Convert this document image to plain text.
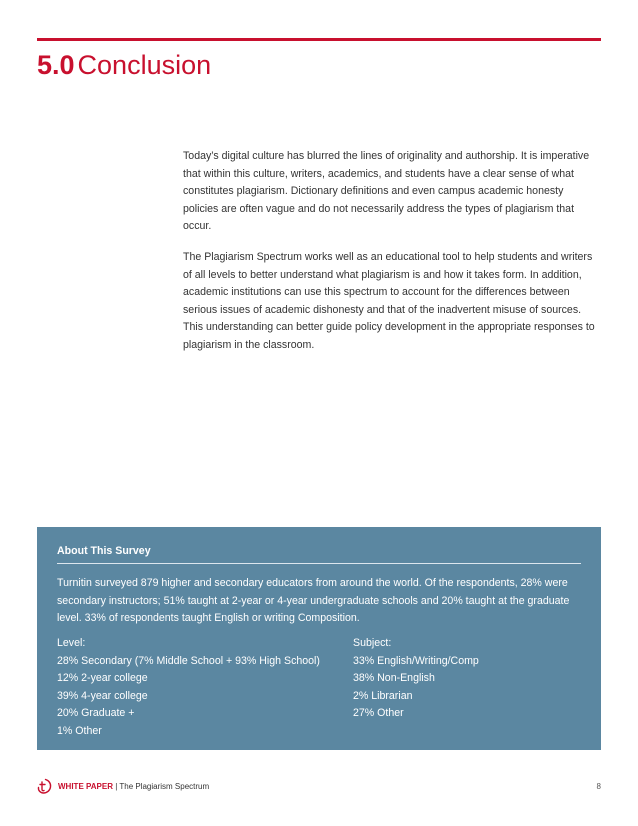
5.0 Conclusion

Today’s digital culture has blurred the lines of originality and authorship. It is imperative that within this culture, writers, academics, and students have a clear sense of what constitutes plagiarism. Dictionary definitions and even campus academic honesty policies are often vague and do not necessarily address the types of plagiarism that occur.

The Plagiarism Spectrum works well as an educational tool to help students and writers of all levels to better understand what plagiarism is and how it takes form. In addition, academic institutions can use this spectrum to account for the differences between serious issues of academic dishonesty and that of the inadvertent misuse of sources. This understanding can better guide policy development in the appropriate responses to plagiarism in the classroom.

About This Survey
Turnitin surveyed 879 higher and secondary educators from around the world. Of the respondents, 28% were secondary instructors; 51% taught at 2-year or 4-year undergraduate schools and 20% taught at the graduate level. 33% of respondents taught English or writing Composition.
Level:
28% Secondary (7% Middle School + 93% High School)
12% 2-year college
39% 4-year college
20% Graduate +
1% Other
Subject:
33% English/Writing/Comp
38% Non-English
2% Librarian
27% Other
WHITE PAPER | The Plagiarism Spectrum	8
